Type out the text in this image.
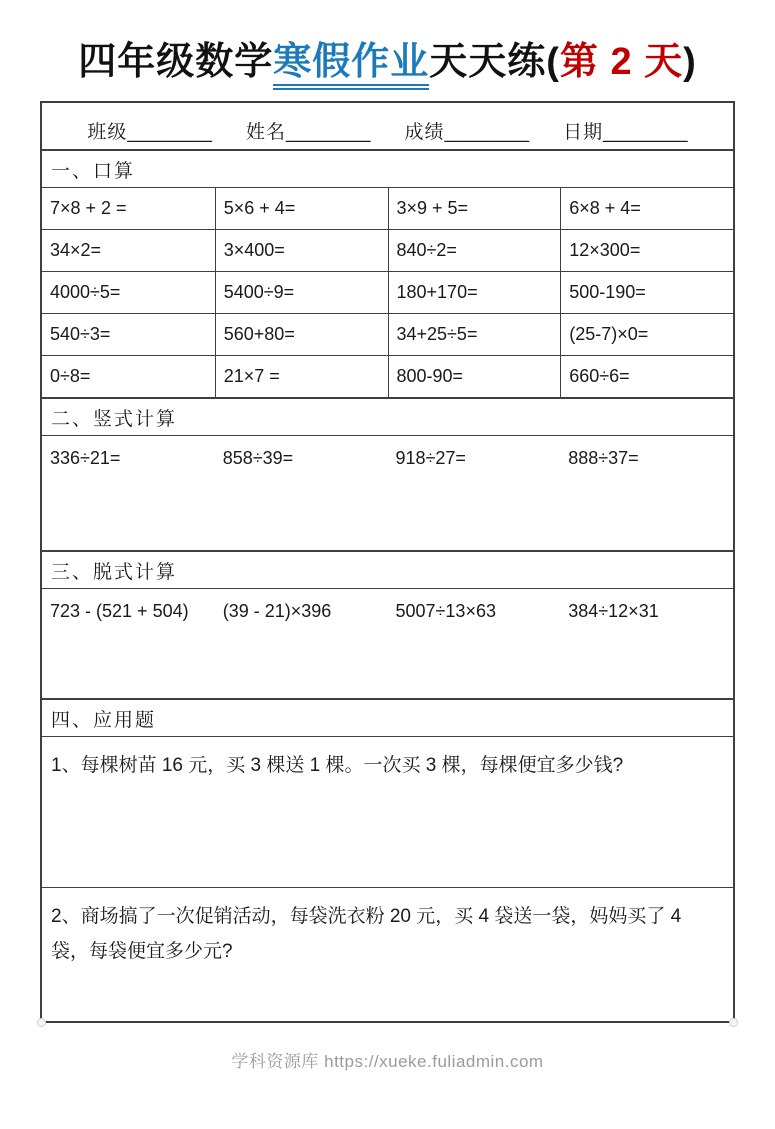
四年级数学寒假作业天天练(第 2 天)
班级 ________ 姓名 ________ 成绩 ________ 日期 ________
一、口算
7×8 + 2 =	5×6 + 4=	3×9 + 5=	6×8 + 4=
34×2=	3×400=	840÷2=	12×300=
4000÷5=	5400÷9=	180+170=	500-190=
540÷3=	560+80=	34+25÷5=	(25-7)×0=
0÷8=	21×7 =	800-90=	660÷6=
二、竖式计算
336÷21=	858÷39=	918÷27=	888÷37=
三、脱式计算
723 - (521 + 504)	(39 - 21)×396	5007÷13×63	384÷12×31
四、应用题
1、每棵树苗 16 元，买 3 棵送 1 棵。一次买 3 棵，每棵便宜多少钱?
2、商场搞了一次促销活动，每袋洗衣粉 20 元，买 4 袋送一袋，妈妈买了 4 袋，每袋便宜多少元?
学科资源库 https://xueke.fuliadmin.com
